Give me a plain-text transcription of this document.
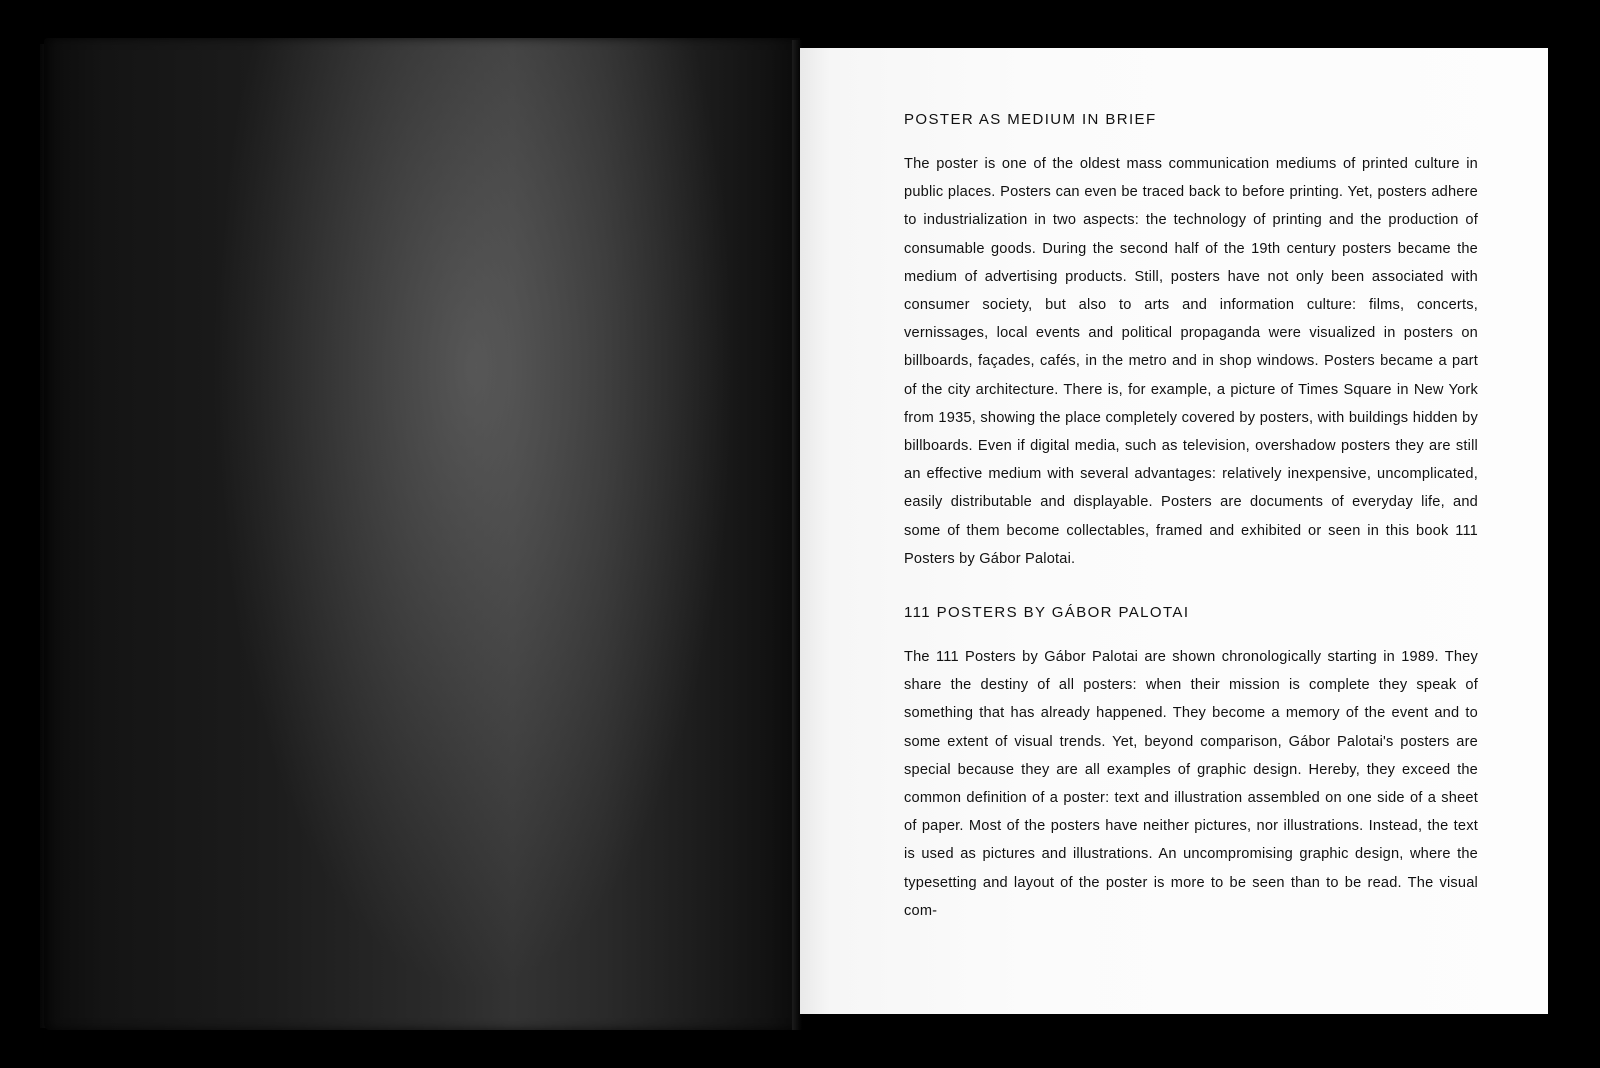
POSTER AS MEDIUM IN BRIEF

The poster is one of the oldest mass communication mediums of printed culture in public places. Posters can even be traced back to before printing. Yet, posters adhere to industrialization in two aspects: the technology of printing and the production of consumable goods. During the second half of the 19th century posters became the medium of advertising products. Still, posters have not only been associated with consumer society, but also to arts and information culture: films, concerts, vernissages, local events and political propaganda were visualized in posters on billboards, façades, cafés, in the metro and in shop windows. Posters became a part of the city architecture. There is, for example, a picture of Times Square in New York from 1935, showing the place completely covered by posters, with buildings hidden by billboards. Even if digital media, such as television, overshadow posters they are still an effective medium with several advantages: relatively inexpensive, uncomplicated, easily distributable and displayable. Posters are documents of everyday life, and some of them become collectables, framed and exhibited or seen in this book 111 Posters by Gábor Palotai.

111 POSTERS BY GÁBOR PALOTAI

The 111 Posters by Gábor Palotai are shown chronologically starting in 1989. They share the destiny of all posters: when their mission is complete they speak of something that has already happened. They become a memory of the event and to some extent of visual trends. Yet, beyond comparison, Gábor Palotai's posters are special because they are all examples of graphic design. Hereby, they exceed the common definition of a poster: text and illustration assembled on one side of a sheet of paper. Most of the posters have neither pictures, nor illustrations. Instead, the text is used as pictures and illustrations. An uncompromising graphic design, where the typesetting and layout of the poster is more to be seen than to be read. The visual com-
